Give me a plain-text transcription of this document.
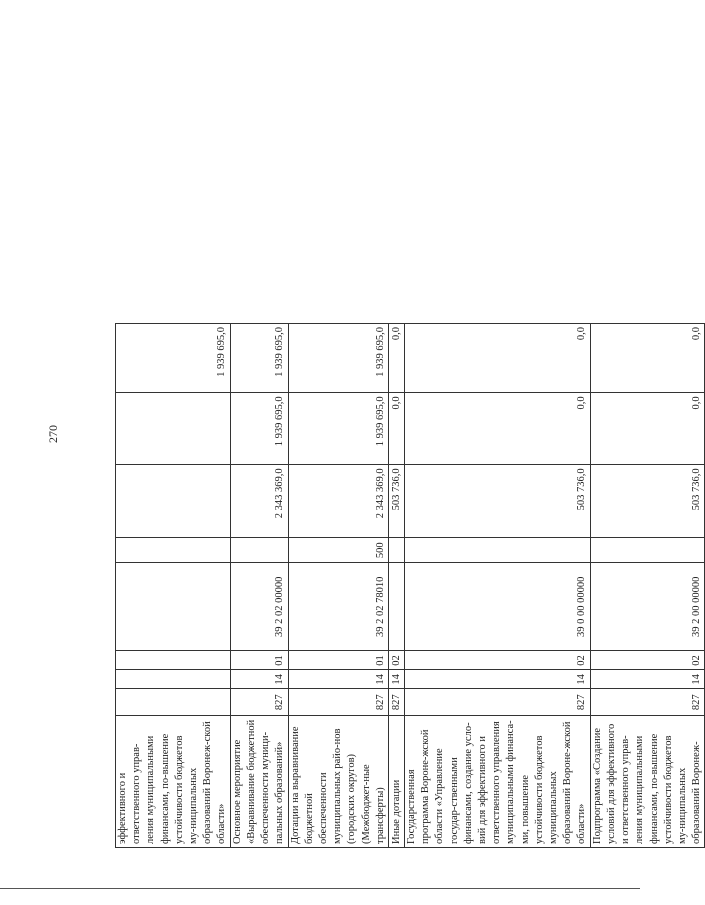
270
эффективного и ответственного управ-ления муниципальными финансами, по-вышение устойчивости бюджетов му-ниципальных образований Воронеж-ской области»								1 939 695,0
Основное мероприятие «Выравнивание бюджетной обеспеченности муници-пальных образований»	827	14	01	39 2 02 00000		2 343 369,0	1 939 695,0	1 939 695,0
Дотации на выравнивание бюджетной обеспеченности муниципальных райо-нов (городских округов) (Межбюджет-ные трансферты)	827	14	01	39 2 02 78010	500	2 343 369,0	1 939 695,0	1 939 695,0
Иные дотации	827	14	02			503 736,0	0,0	0,0
Государственная программа Вороне-жской области «Управление государ-ственными финансами, создание усло-вий для эффективного и ответственного управления муниципальными финанса-ми, повышение устойчивости бюджетов муниципальных образований Вороне-жской области»	827	14	02	39 0 00 00000		503 736,0	0,0	0,0
Подпрограмма «Создание условий для эффективного и ответственного управ-ления муниципальными финансами, по-вышение устойчивости бюджетов му-ниципальных образований Воронеж-	827	14	02	39 2 00 00000		503 736,0	0,0	0,0
